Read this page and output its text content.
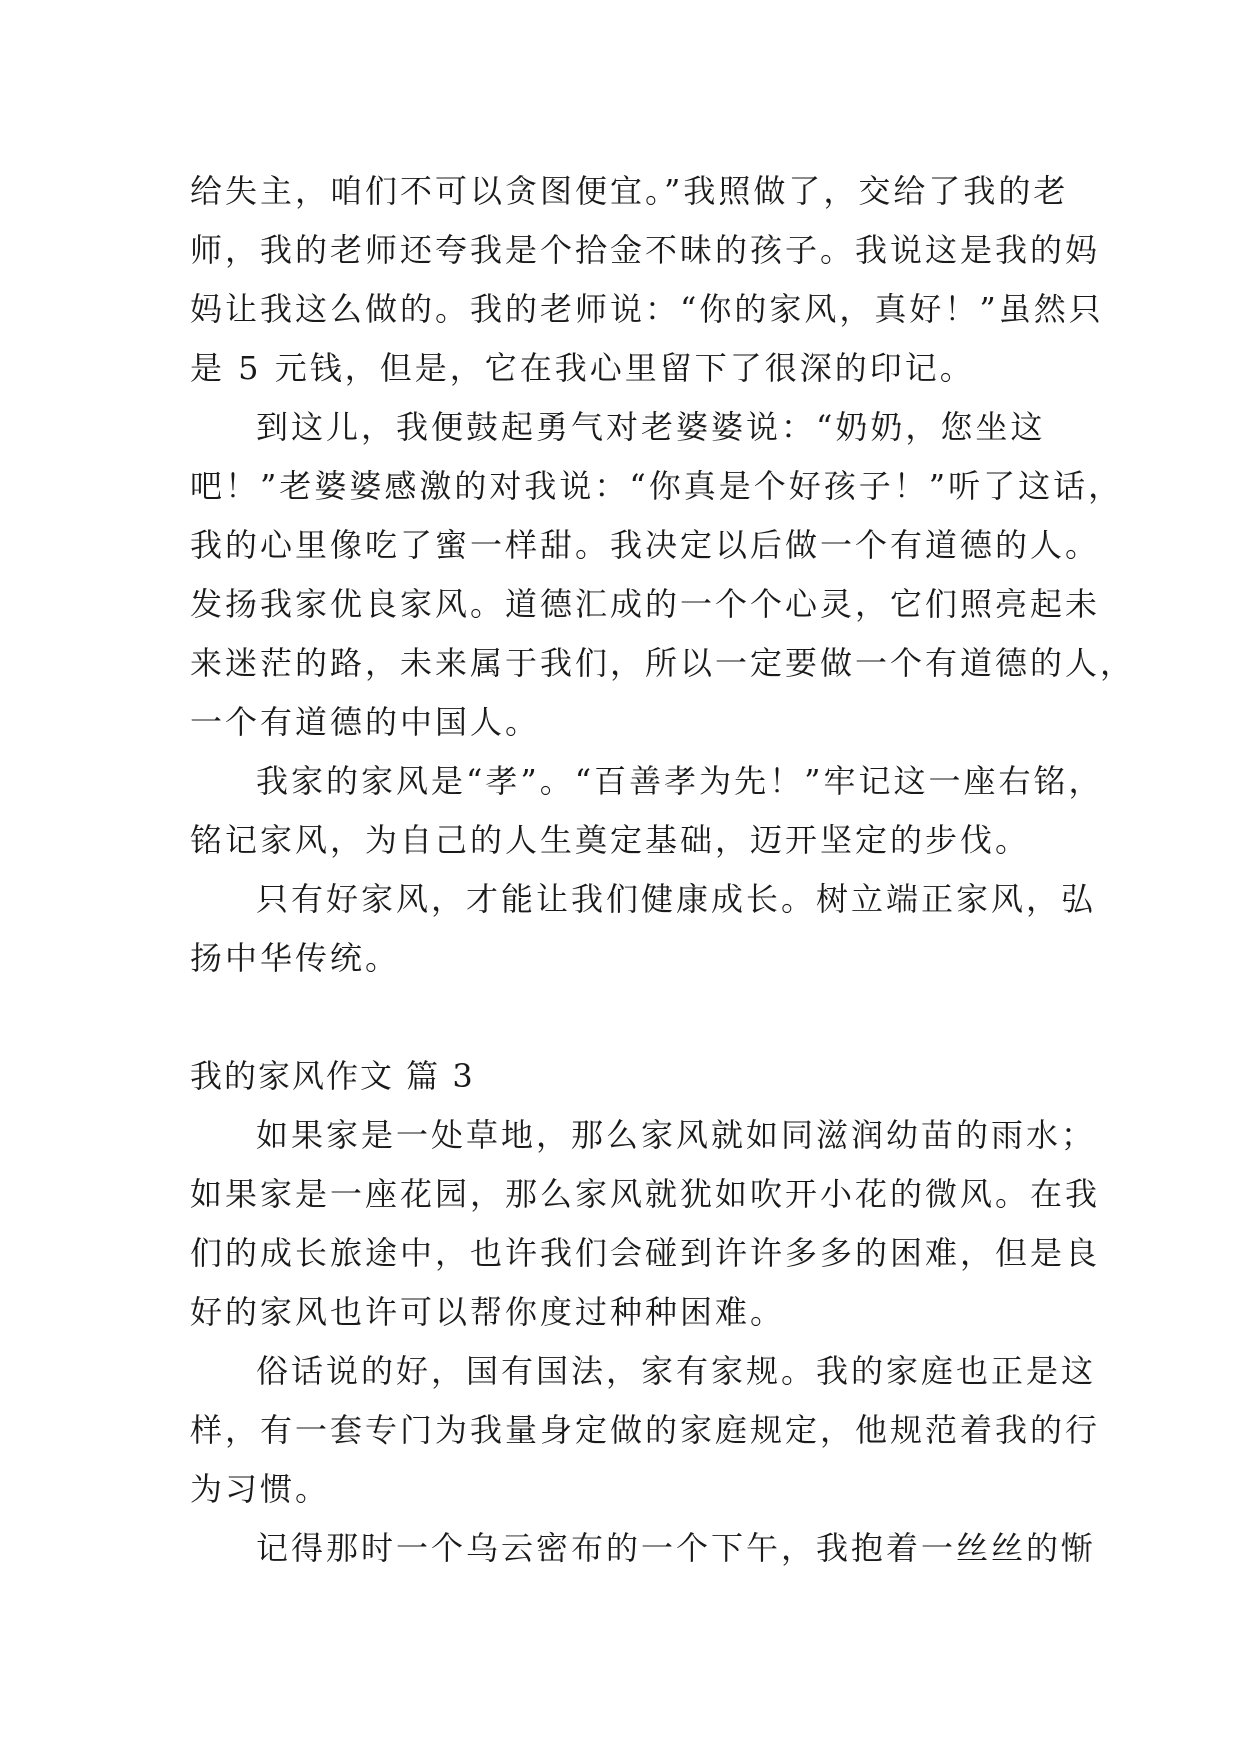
给失主，咱们不可以贪图便宜。”我照做了，交给了我的老
师，我的老师还夸我是个拾金不昧的孩子。我说这是我的妈
妈让我这么做的。我的老师说：“你的家风，真好！”虽然只
是 5 元钱，但是，它在我心里留下了很深的印记。
到这儿，我便鼓起勇气对老婆婆说：“奶奶，您坐这
吧！”老婆婆感激的对我说：“你真是个好孩子！”听了这话，
我的心里像吃了蜜一样甜。我决定以后做一个有道德的人。
发扬我家优良家风。道德汇成的一个个心灵，它们照亮起未
来迷茫的路，未来属于我们，所以一定要做一个有道德的人，
一个有道德的中国人。
我家的家风是“孝”。“百善孝为先！”牢记这一座右铭，
铭记家风，为自己的人生奠定基础，迈开坚定的步伐。
只有好家风，才能让我们健康成长。树立端正家风，弘
扬中华传统。
我的家风作文 篇 3
如果家是一处草地，那么家风就如同滋润幼苗的雨水；
如果家是一座花园，那么家风就犹如吹开小花的微风。在我
们的成长旅途中，也许我们会碰到许许多多的困难，但是良
好的家风也许可以帮你度过种种困难。
俗话说的好，国有国法，家有家规。我的家庭也正是这
样，有一套专门为我量身定做的家庭规定，他规范着我的行
为习惯。
记得那时一个乌云密布的一个下午，我抱着一丝丝的惭
